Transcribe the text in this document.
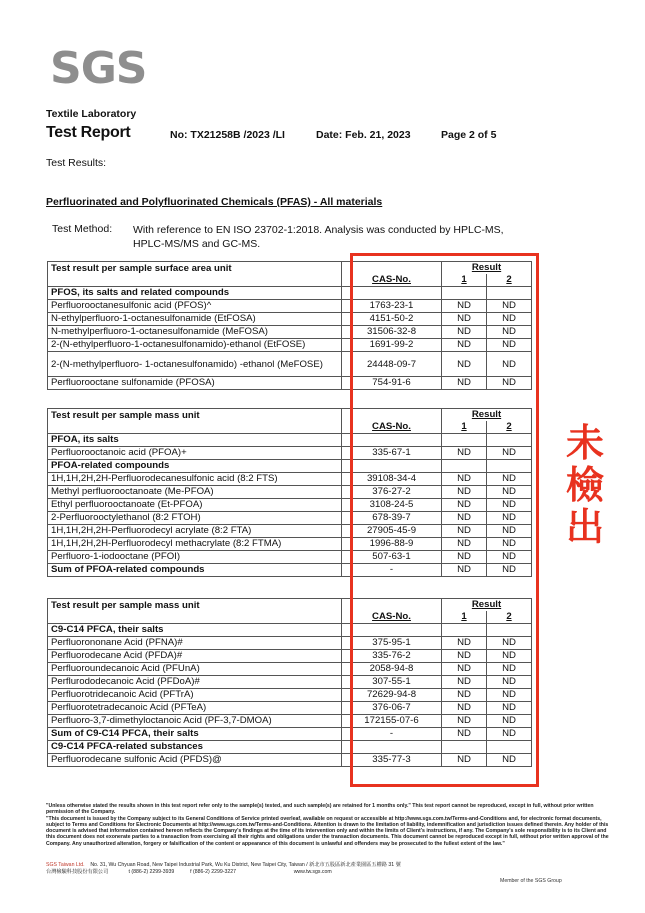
SGS
Textile Laboratory
Test Report	No: TX21258B /2023 /LI	Date: Feb. 21, 2023	Page 2 of 5
Test Results:
Perfluorinated and Polyfluorinated Chemicals (PFAS) - All materials
Test Method: With reference to EN ISO 23702-1:2018. Analysis was conducted by HPLC-MS, HPLC-MS/MS and GC-MS.
Test result per sample surface area unit		Result	
	CAS-No.	1	2
PFOS, its salts and related compounds			
Perfluorooctanesulfonic acid (PFOS)^	1763-23-1	ND	ND
N-ethylperfluoro-1-octanesulfonamide (EtFOSA)	4151-50-2	ND	ND
N-methylperfluoro-1-octanesulfonamide (MeFOSA)	31506-32-8	ND	ND
2-(N-ethylperfluoro-1-octanesulfonamido)-ethanol (EtFOSE)	1691-99-2	ND	ND
2-(N-methylperfluoro- 1-octanesulfonamido) -ethanol (MeFOSE)	24448-09-7	ND	ND
Perfluorooctane sulfonamide (PFOSA)	754-91-6	ND	ND
Test result per sample mass unit		Result	
	CAS-No.	1	2
PFOA, its salts			
Perfluorooctanoic acid (PFOA)+	335-67-1	ND	ND
PFOA-related compounds			
1H,1H,2H,2H-Perfluorodecanesulfonic acid (8:2 FTS)	39108-34-4	ND	ND
Methyl perfluorooctanoate (Me-PFOA)	376-27-2	ND	ND
Ethyl perfluorooctanoate (Et-PFOA)	3108-24-5	ND	ND
2-Perfluorooctylethanol (8:2 FTOH)	678-39-7	ND	ND
1H,1H,2H,2H-Perfluorodecyl acrylate (8:2 FTA)	27905-45-9	ND	ND
1H,1H,2H,2H-Perfluorodecyl methacrylate (8:2 FTMA)	1996-88-9	ND	ND
Perfluoro-1-iodooctane (PFOI)	507-63-1	ND	ND
Sum of PFOA-related compounds	-	ND	ND
Test result per sample mass unit		Result	
	CAS-No.	1	2
C9-C14 PFCA, their salts			
Perfluorononane Acid (PFNA)#	375-95-1	ND	ND
Perfluorodecane Acid (PFDA)#	335-76-2	ND	ND
Perfluoroundecanoic Acid (PFUnA)	2058-94-8	ND	ND
Perflurododecanoic Acid (PFDoA)#	307-55-1	ND	ND
Perfluorotridecanoic Acid (PFTrA)	72629-94-8	ND	ND
Perfluorotetradecanoic Acid (PFTeA)	376-06-7	ND	ND
Perfluoro-3,7-dimethyloctanoic Acid (PF-3,7-DMOA)	172155-07-6	ND	ND
Sum of C9-C14 PFCA, their salts	-	ND	ND
C9-C14 PFCA-related substances			
Perfluorodecane sulfonic Acid (PFDS)@	335-77-3	ND	ND
未
檢
出
"Unless otherwise stated the results shown in this test report refer only to the sample(s) tested, and such sample(s) are retained for 1 months only." This test report cannot be reproduced, except in full, without prior written permission of the Company.
"This document is issued by the Company subject to its General Conditions of Service printed overleaf, available on request or accessible at http://www.sgs.com.tw/Terms-and-Conditions and, for electronic format documents, subject to Terms and Conditions for Electronic Documents at http://www.sgs.com.tw/Terms-and-Conditions. Attention is drawn to the limitation of liability, indemnification and jurisdiction issues defined therein. Any holder of this document is advised that information contained hereon reflects the Company's findings at the time of its intervention only and within the limits of Client's instructions, if any. The Company's sole responsibility is to its Client and this document does not exonerate parties to a transaction from exercising all their rights and obligations under the transaction documents. This document cannot be reproduced except in full, without prior written approval of the Company. Any unauthorized alteration, forgery or falsification of the content or appearance of this document is unlawful and offenders may be prosecuted to the fullest extent of the law."
SGS Taiwan Ltd. No. 31, Wu Chyuan Road, New Taipei Industrial Park, Wu Ku District, New Taipei City, Taiwan / 新北市五股區新北產業園區五權路 31 號
台灣檢驗科技股份有限公司	t (886-2) 2299-3939	f (886-2) 2299-3227	www.tw.sgs.com
Member of the SGS Group
